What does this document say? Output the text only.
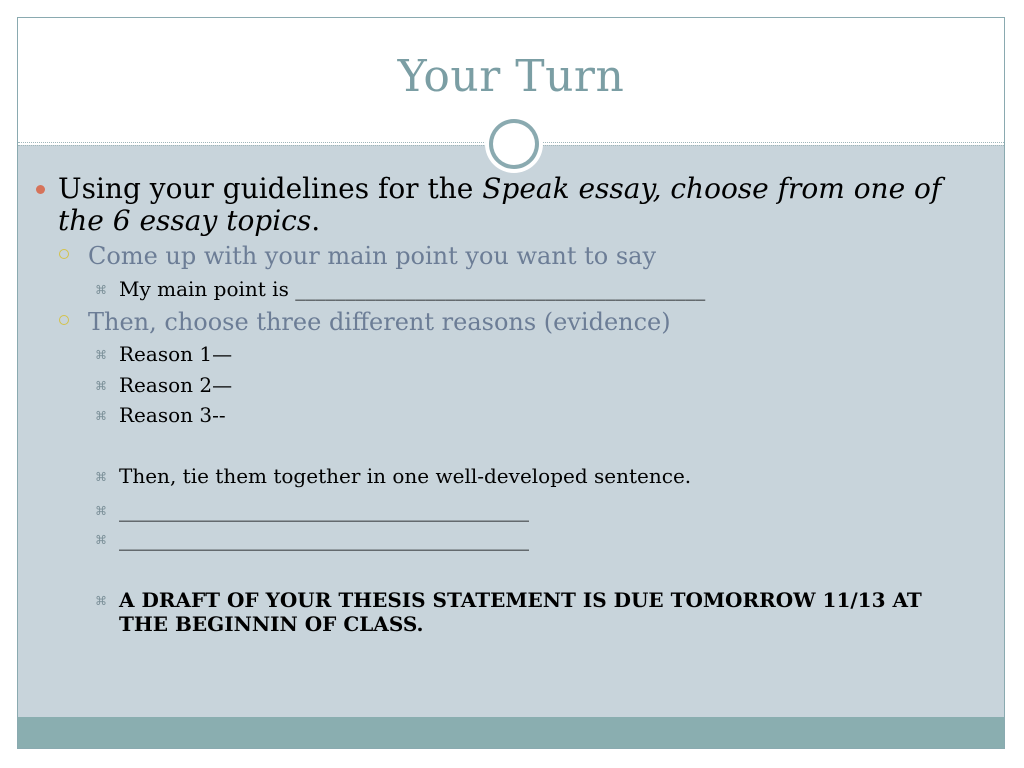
Your Turn
Using your guidelines for the Speak essay, choose from one of the 6 essay topics.
Come up with your main point you want to say
⌘ My main point is _________________________________________
Then, choose three different reasons (evidence)
⌘ Reason 1—
⌘ Reason 2—
⌘ Reason 3--
⌘ Then, tie them together in one well-developed sentence.
⌘ _________________________________________
⌘ _________________________________________
⌘ A DRAFT OF YOUR THESIS STATEMENT IS DUE TOMORROW 11/13 AT THE BEGINNIN OF CLASS.
